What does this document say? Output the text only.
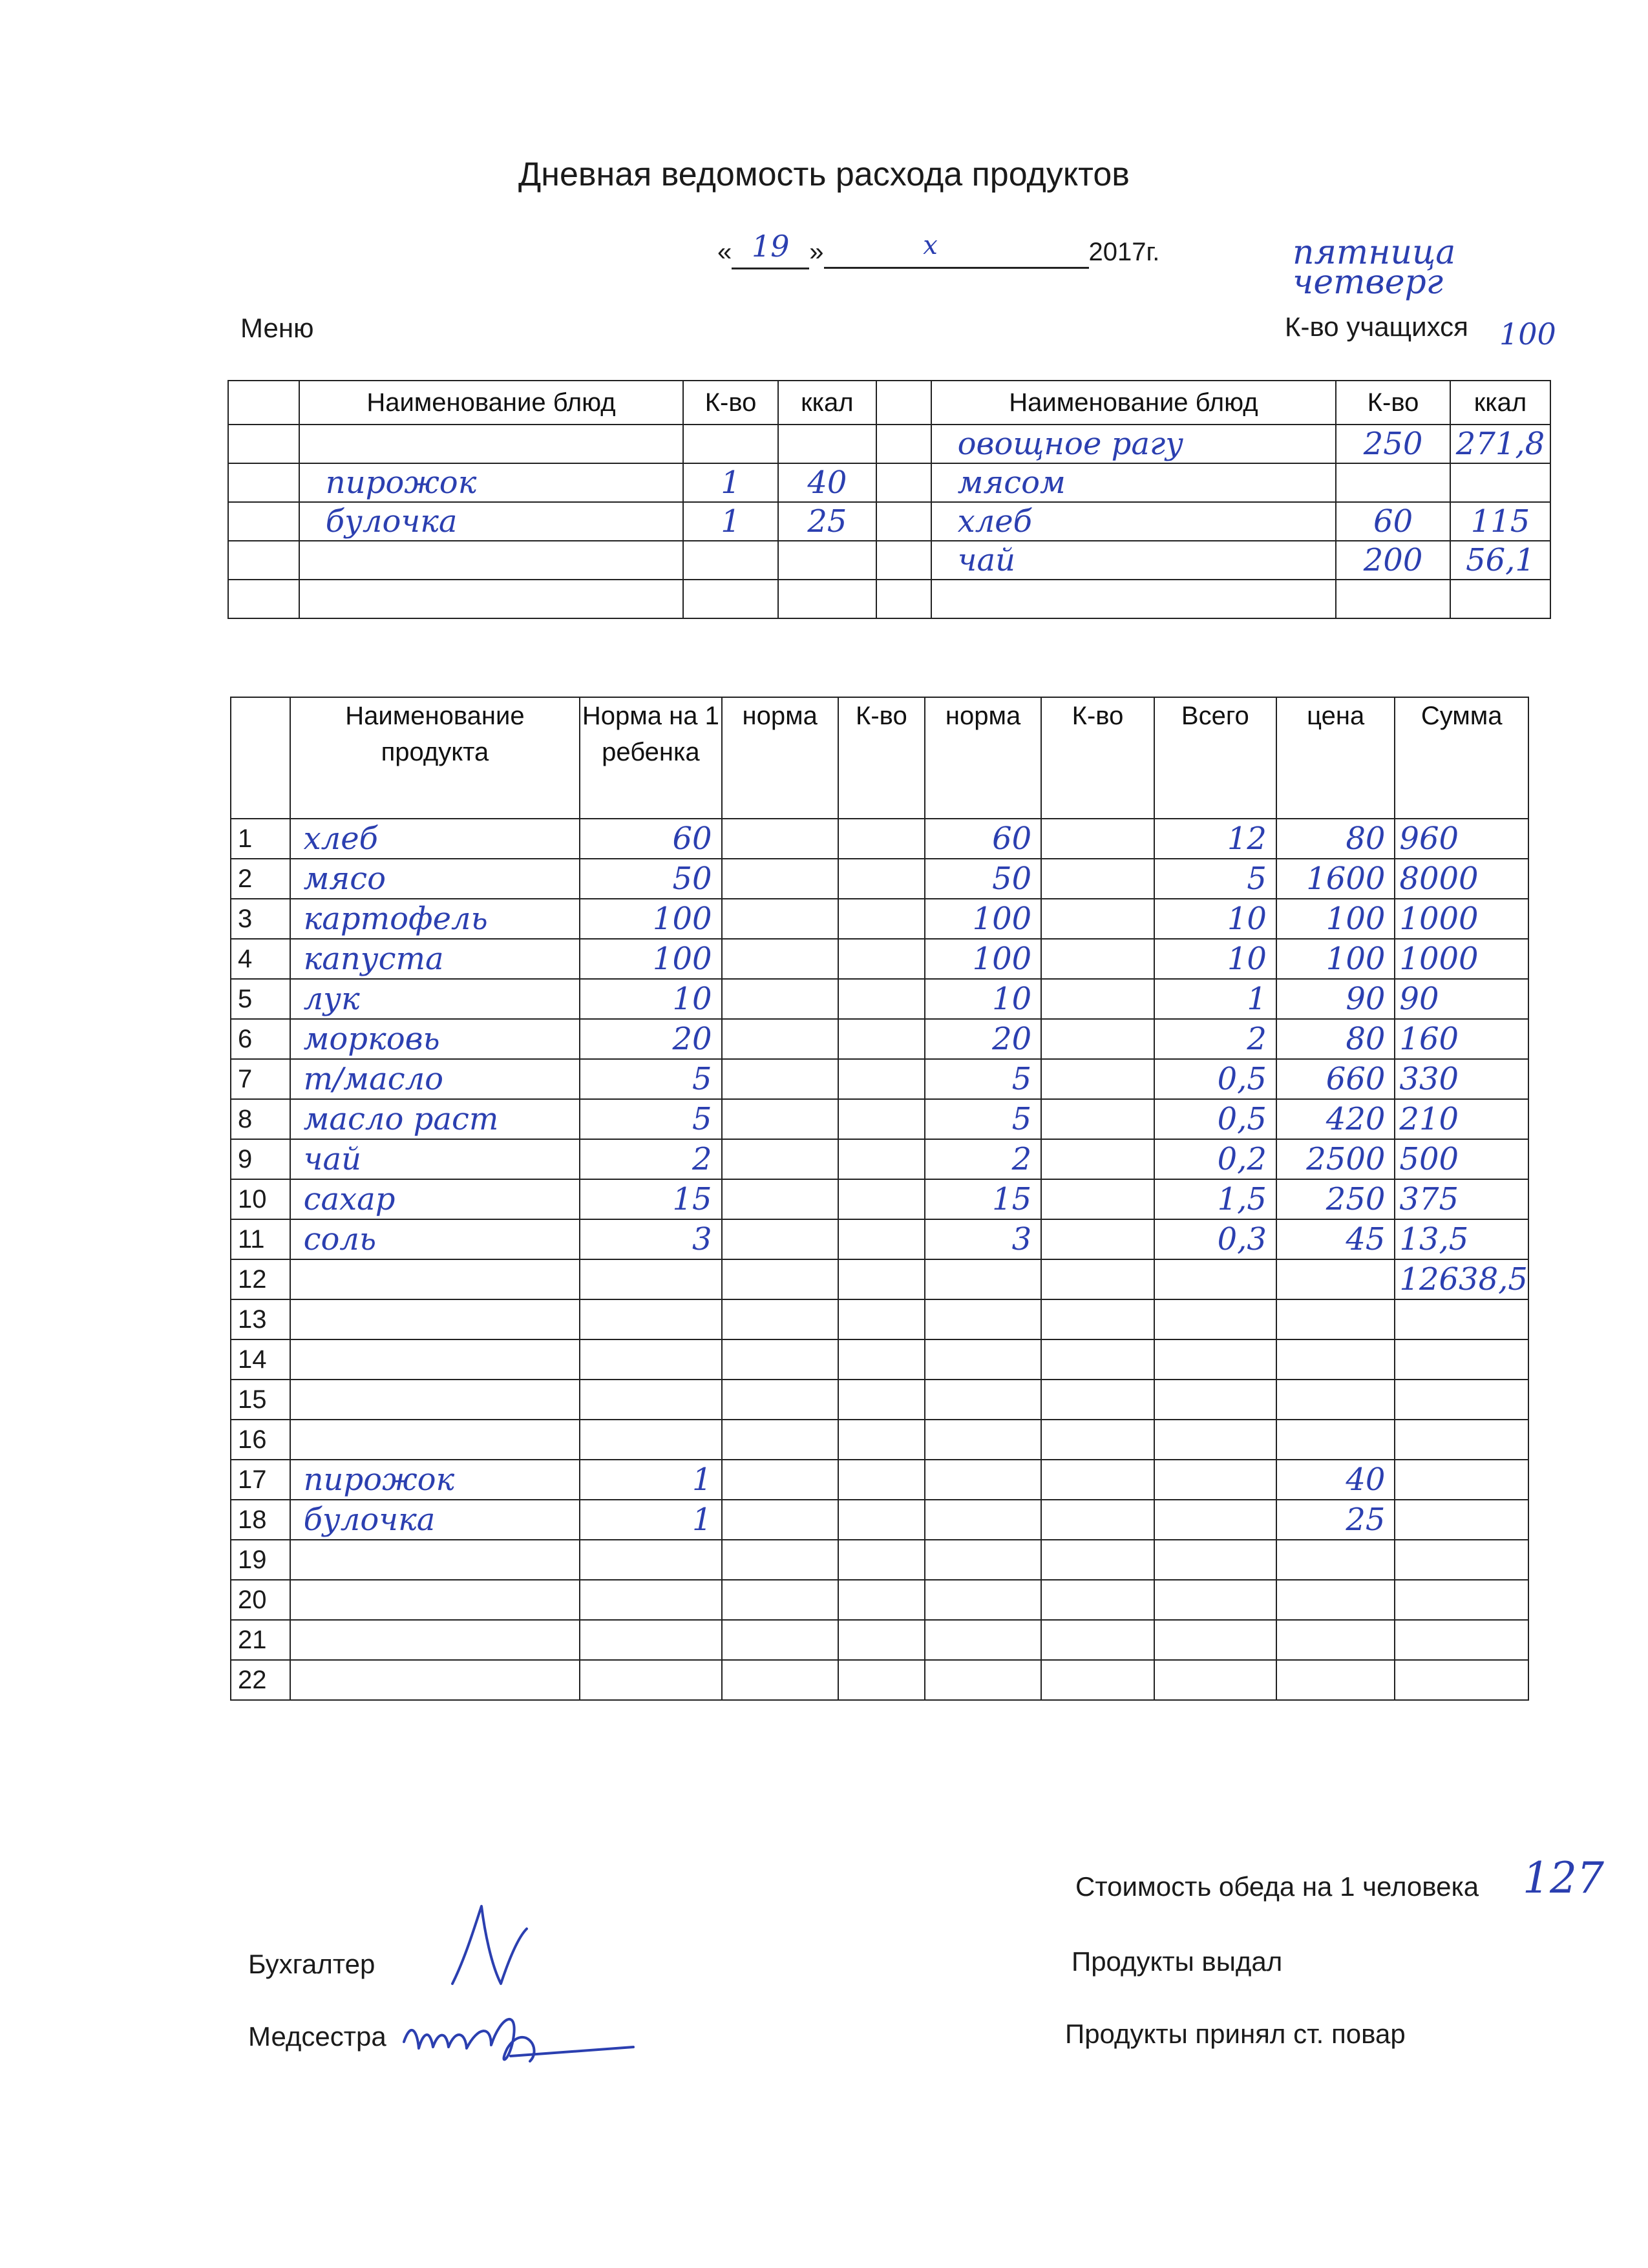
Дневная ведомость расхода продуктов
« 19 »	x	2017г.	пятница четверг
Меню	К-во учащихся 100
	Наименование блюд	К-во	ккал		Наименование блюд	К-во	ккал
					овощное рагу	250	271,8
	пирожок	1	40		мясом		
	булочка	1	25		хлеб	60	115
					чай	200	56,1

	Наименование продукта	Норма на 1 ребенка	норма	К-во	норма	К-во	Всего	цена	Сумма
1	хлеб	60			60		12	80	960
2	мясо	50			50		5	1600	8000
3	картофель	100			100		10	100	1000
4	капуста	100			100		10	100	1000
5	лук	10			10		1	90	90
6	морковь	20			20		2	80	160
7	т/масло	5			5		0,5	660	330
8	масло раст	5			5		0,5	420	210
9	чай	2			2		0,2	2500	500
10	сахар	15			15		1,5	250	375
11	соль	3			3		0,3	45	13,5
12									12638,5
13									
14									
15									
16									
17	пирожок	1						40	
18	булочка	1						25	
19									
20									
21									
22									
Стоимость обеда на 1 человека 127
Бухгалтер	Продукты выдал
Медсестра	Продукты принял ст. повар
